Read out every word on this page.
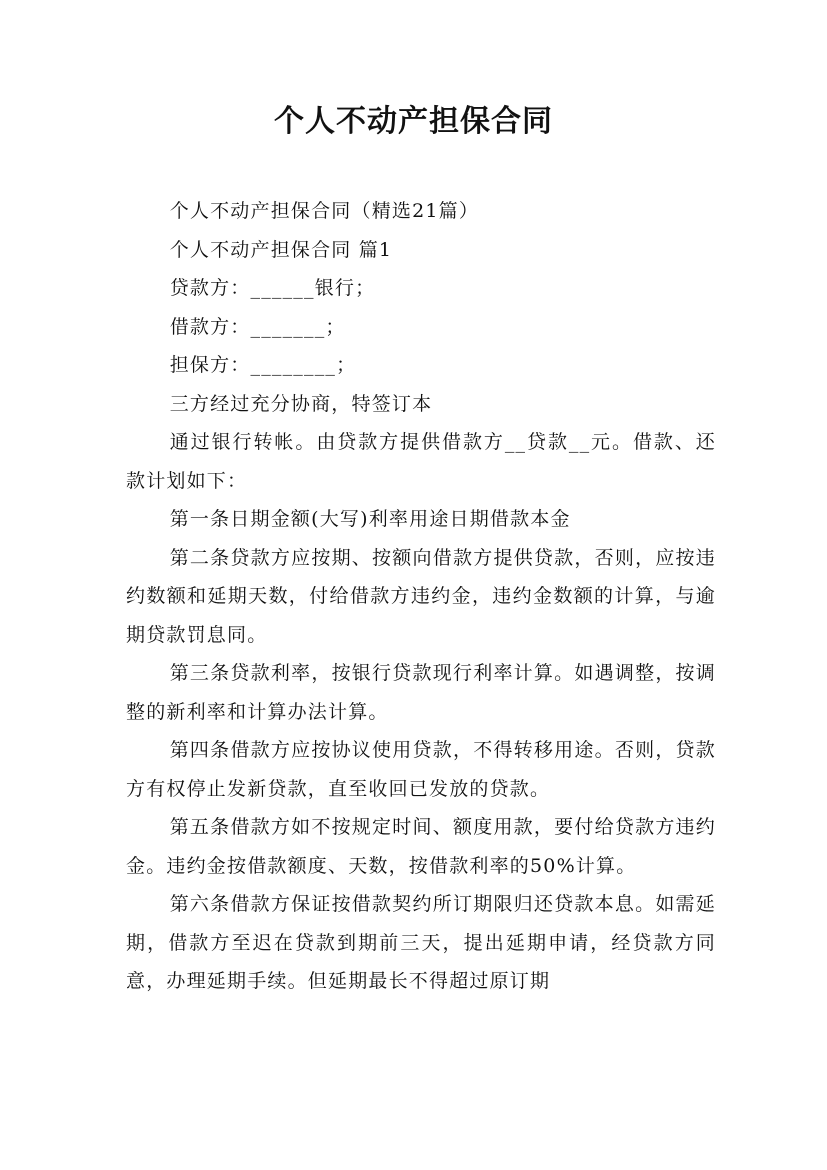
个人不动产担保合同

个人不动产担保合同（精选21篇）

个人不动产担保合同 篇1

贷款方：______银行；

借款方：_______；

担保方：________；

三方经过充分协商，特签订本

通过银行转帐。由贷款方提供借款方__贷款__元。借款、还款计划如下：

第一条日期金额(大写)利率用途日期借款本金

第二条贷款方应按期、按额向借款方提供贷款，否则，应按违约数额和延期天数，付给借款方违约金，违约金数额的计算，与逾期贷款罚息同。

第三条贷款利率，按银行贷款现行利率计算。如遇调整，按调整的新利率和计算办法计算。

第四条借款方应按协议使用贷款，不得转移用途。否则，贷款方有权停止发新贷款，直至收回已发放的贷款。

第五条借款方如不按规定时间、额度用款，要付给贷款方违约金。违约金按借款额度、天数，按借款利率的50%计算。

第六条借款方保证按借款契约所订期限归还贷款本息。如需延期，借款方至迟在贷款到期前三天，提出延期申请，经贷款方同意，办理延期手续。但延期最长不得超过原订期
